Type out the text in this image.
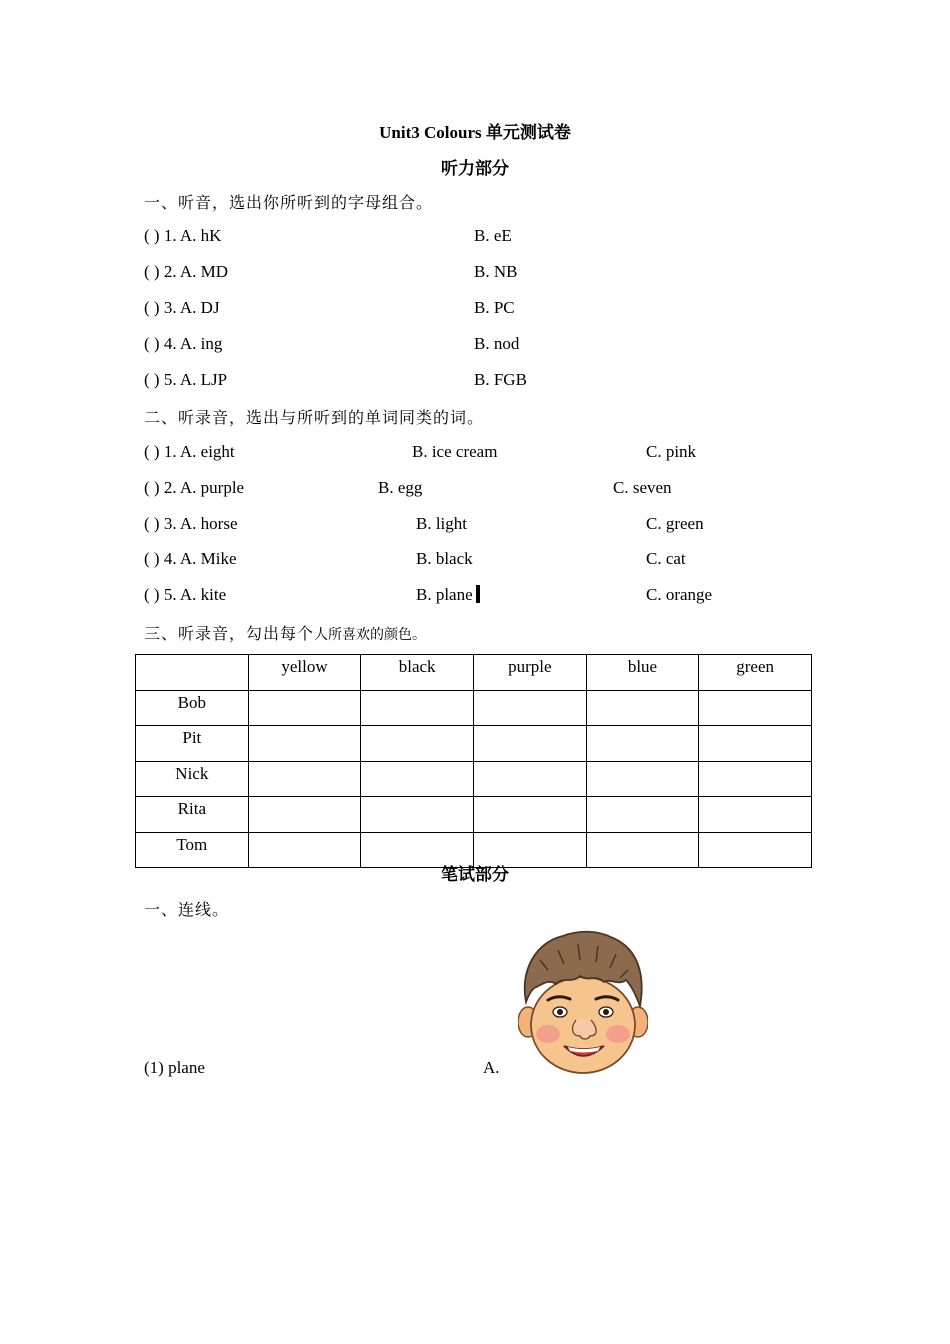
Unit3 Colours 单元测试卷
听力部分
一、听音，选出你所听到的字母组合。
( ) 1. A. hK	B. eE
( ) 2. A. MD	B. NB
( ) 3. A. DJ	B. PC
( ) 4. A. ing	B. nod
( ) 5. A. LJP	B. FGB
二、听录音，选出与所听到的单词同类的词。
( ) 1. A. eight	B. ice cream	C. pink
( ) 2. A. purple	B. egg	C. seven
( ) 3. A. horse	B. light	C. green
( ) 4. A. Mike	B. black	C. cat
( ) 5. A. kite	B. plane	C. orange
三、听录音，勾出每个人所喜欢的颜色。
	yellow	black	purple	blue	green
Bob					
Pit					
Nick					
Rita					
Tom					
笔试部分
一、连线。
(1) plane	A.
